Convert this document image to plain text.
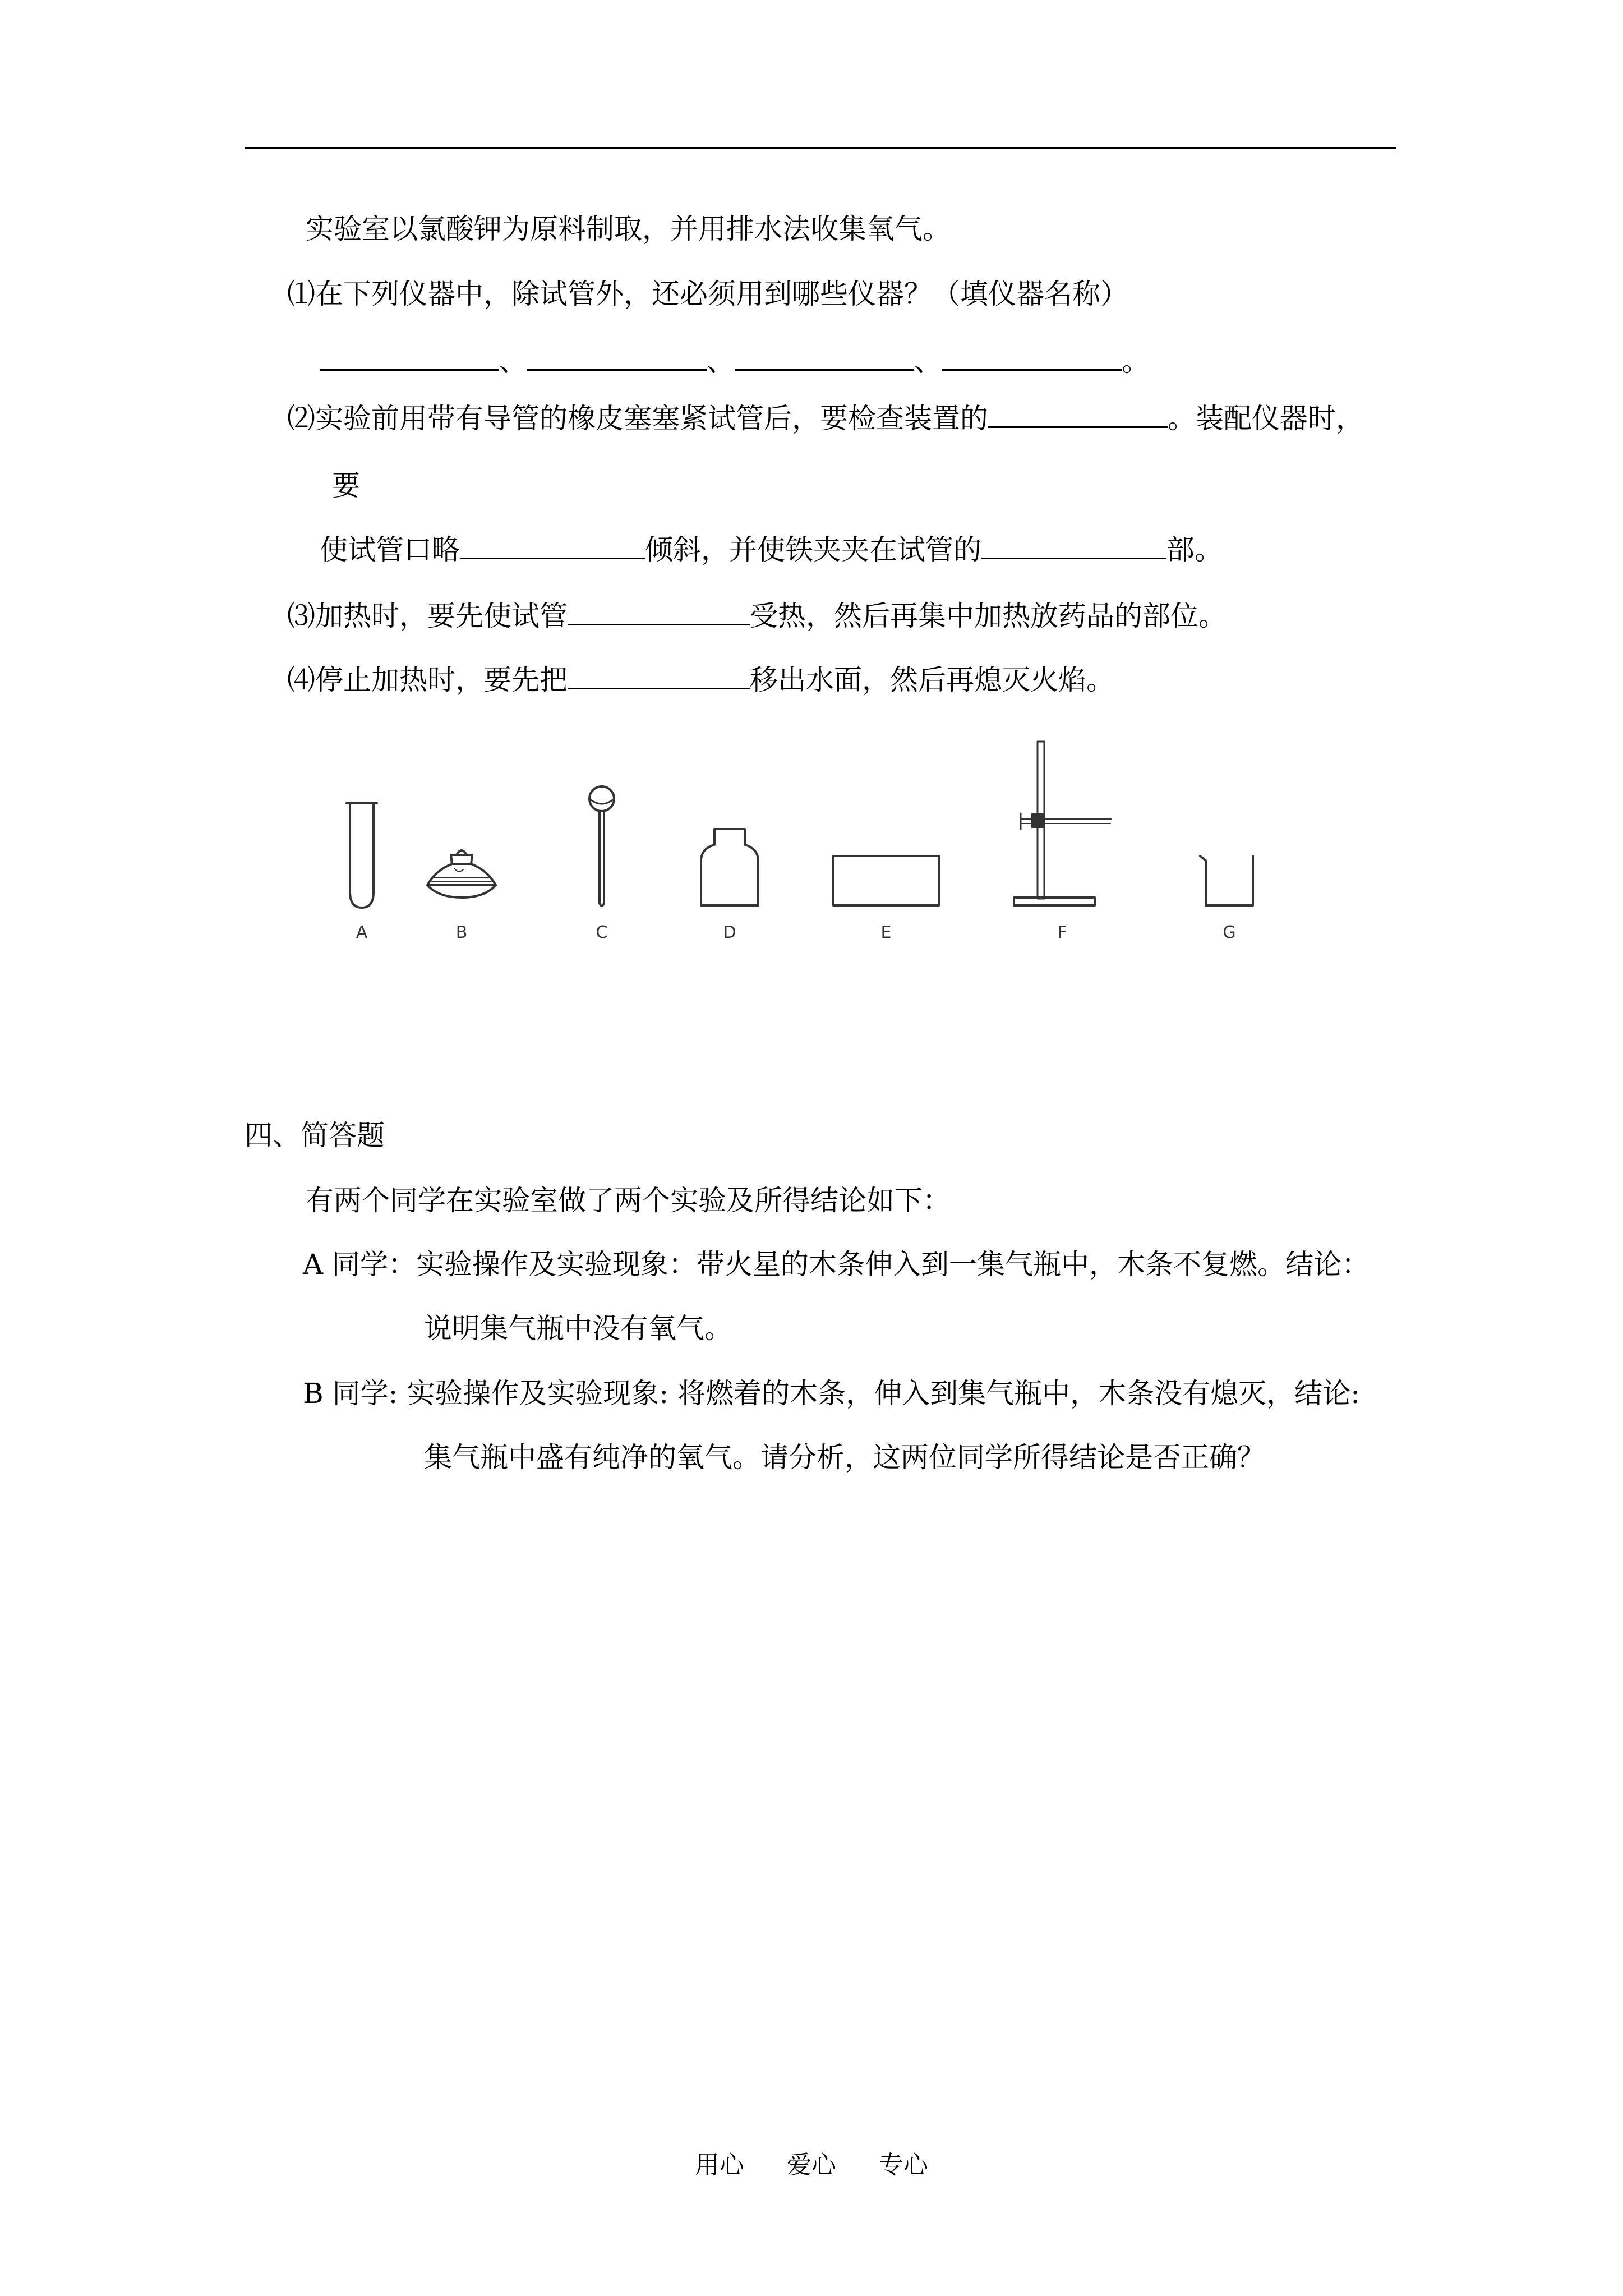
实验室以氯酸钾为原料制取，并用排水法收集氧气。
⑴在下列仪器中，除试管外，还必须用到哪些仪器？（填仪器名称）
、	、	、	。
⑵实验前用带有导管的橡皮塞塞紧试管后，要检查装置的	。装配仪器时，
要
使试管口略	倾斜，并使铁夹夹在试管的	部。
⑶加热时，要先使试管	受热，然后再集中加热放药品的部位。
⑷停止加热时，要先把	移出水面，然后再熄灭火焰。
A	B	C	D	E	F	G
四、简答题
有两个同学在实验室做了两个实验及所得结论如下：
A 同学：实验操作及实验现象：带火星的木条伸入到一集气瓶中，木条不复燃。结论：
说明集气瓶中没有氧气。
B 同学: 实验操作及实验现象: 将燃着的木条，伸入到集气瓶中，木条没有熄灭，结论:
集气瓶中盛有纯净的氧气。请分析，这两位同学所得结论是否正确？
用心 爱心 专心
